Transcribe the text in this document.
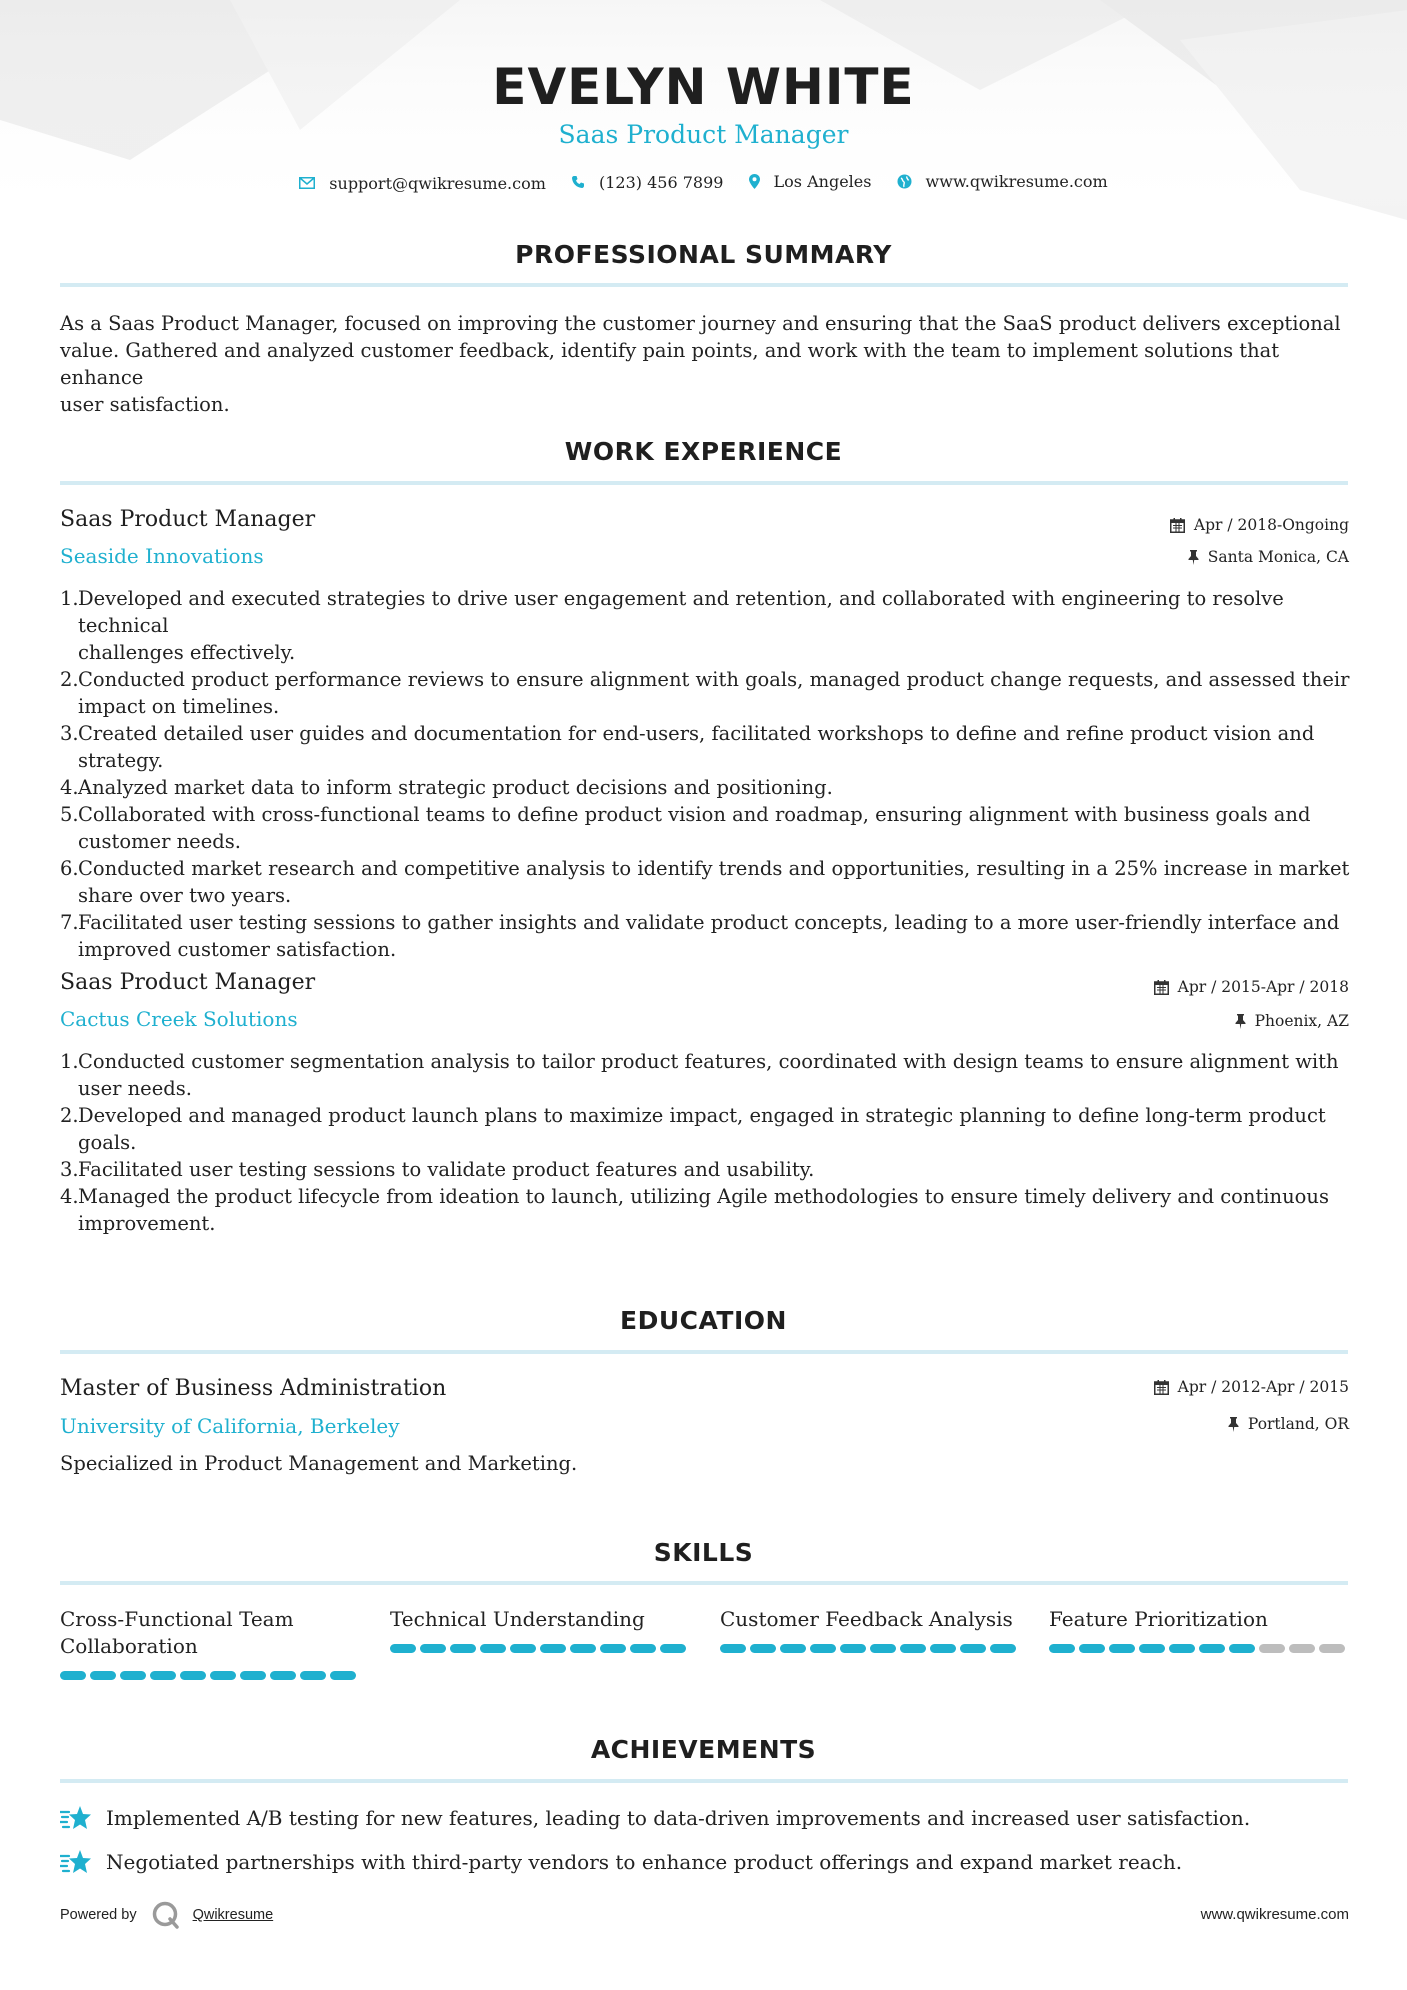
EVELYN WHITE
Saas Product Manager
support@qwikresume.com
	(123) 456 7899
	Los Angeles
	www.qwikresume.com
PROFESSIONAL SUMMARY
As a Saas Product Manager, focused on improving the customer journey and ensuring that the SaaS product delivers exceptional
value. Gathered and analyzed customer feedback, identify pain points, and work with the team to implement solutions that enhance
user satisfaction.
WORK EXPERIENCE
Saas Product Manager
Seaside Innovations
Apr / 2018-Ongoing
Santa Monica, CA
1. Developed and executed strategies to drive user engagement and retention, and collaborated with engineering to resolve technical
challenges effectively.
2. Conducted product performance reviews to ensure alignment with goals, managed product change requests, and assessed their
impact on timelines.
3. Created detailed user guides and documentation for end-users, facilitated workshops to define and refine product vision and
strategy.
4. Analyzed market data to inform strategic product decisions and positioning.
5. Collaborated with cross-functional teams to define product vision and roadmap, ensuring alignment with business goals and
customer needs.
6. Conducted market research and competitive analysis to identify trends and opportunities, resulting in a 25% increase in market
share over two years.
7. Facilitated user testing sessions to gather insights and validate product concepts, leading to a more user-friendly interface and
improved customer satisfaction.
Saas Product Manager
Cactus Creek Solutions
Apr / 2015-Apr / 2018
Phoenix, AZ
1. Conducted customer segmentation analysis to tailor product features, coordinated with design teams to ensure alignment with
user needs.
2. Developed and managed product launch plans to maximize impact, engaged in strategic planning to define long-term product
goals.
3. Facilitated user testing sessions to validate product features and usability.
4. Managed the product lifecycle from ideation to launch, utilizing Agile methodologies to ensure timely delivery and continuous
improvement.
EDUCATION
Master of Business Administration
University of California, Berkeley
Apr / 2012-Apr / 2015
Portland, OR
Specialized in Product Management and Marketing.
SKILLS
Cross-Functional Team
Collaboration
Technical Understanding	Customer Feedback Analysis	Feature Prioritization
ACHIEVEMENTS
Implemented A/B testing for new features, leading to data-driven improvements and increased user satisfaction.
Negotiated partnerships with third-party vendors to enhance product offerings and expand market reach.
Powered by	Qwikresume	www.qwikresume.com
